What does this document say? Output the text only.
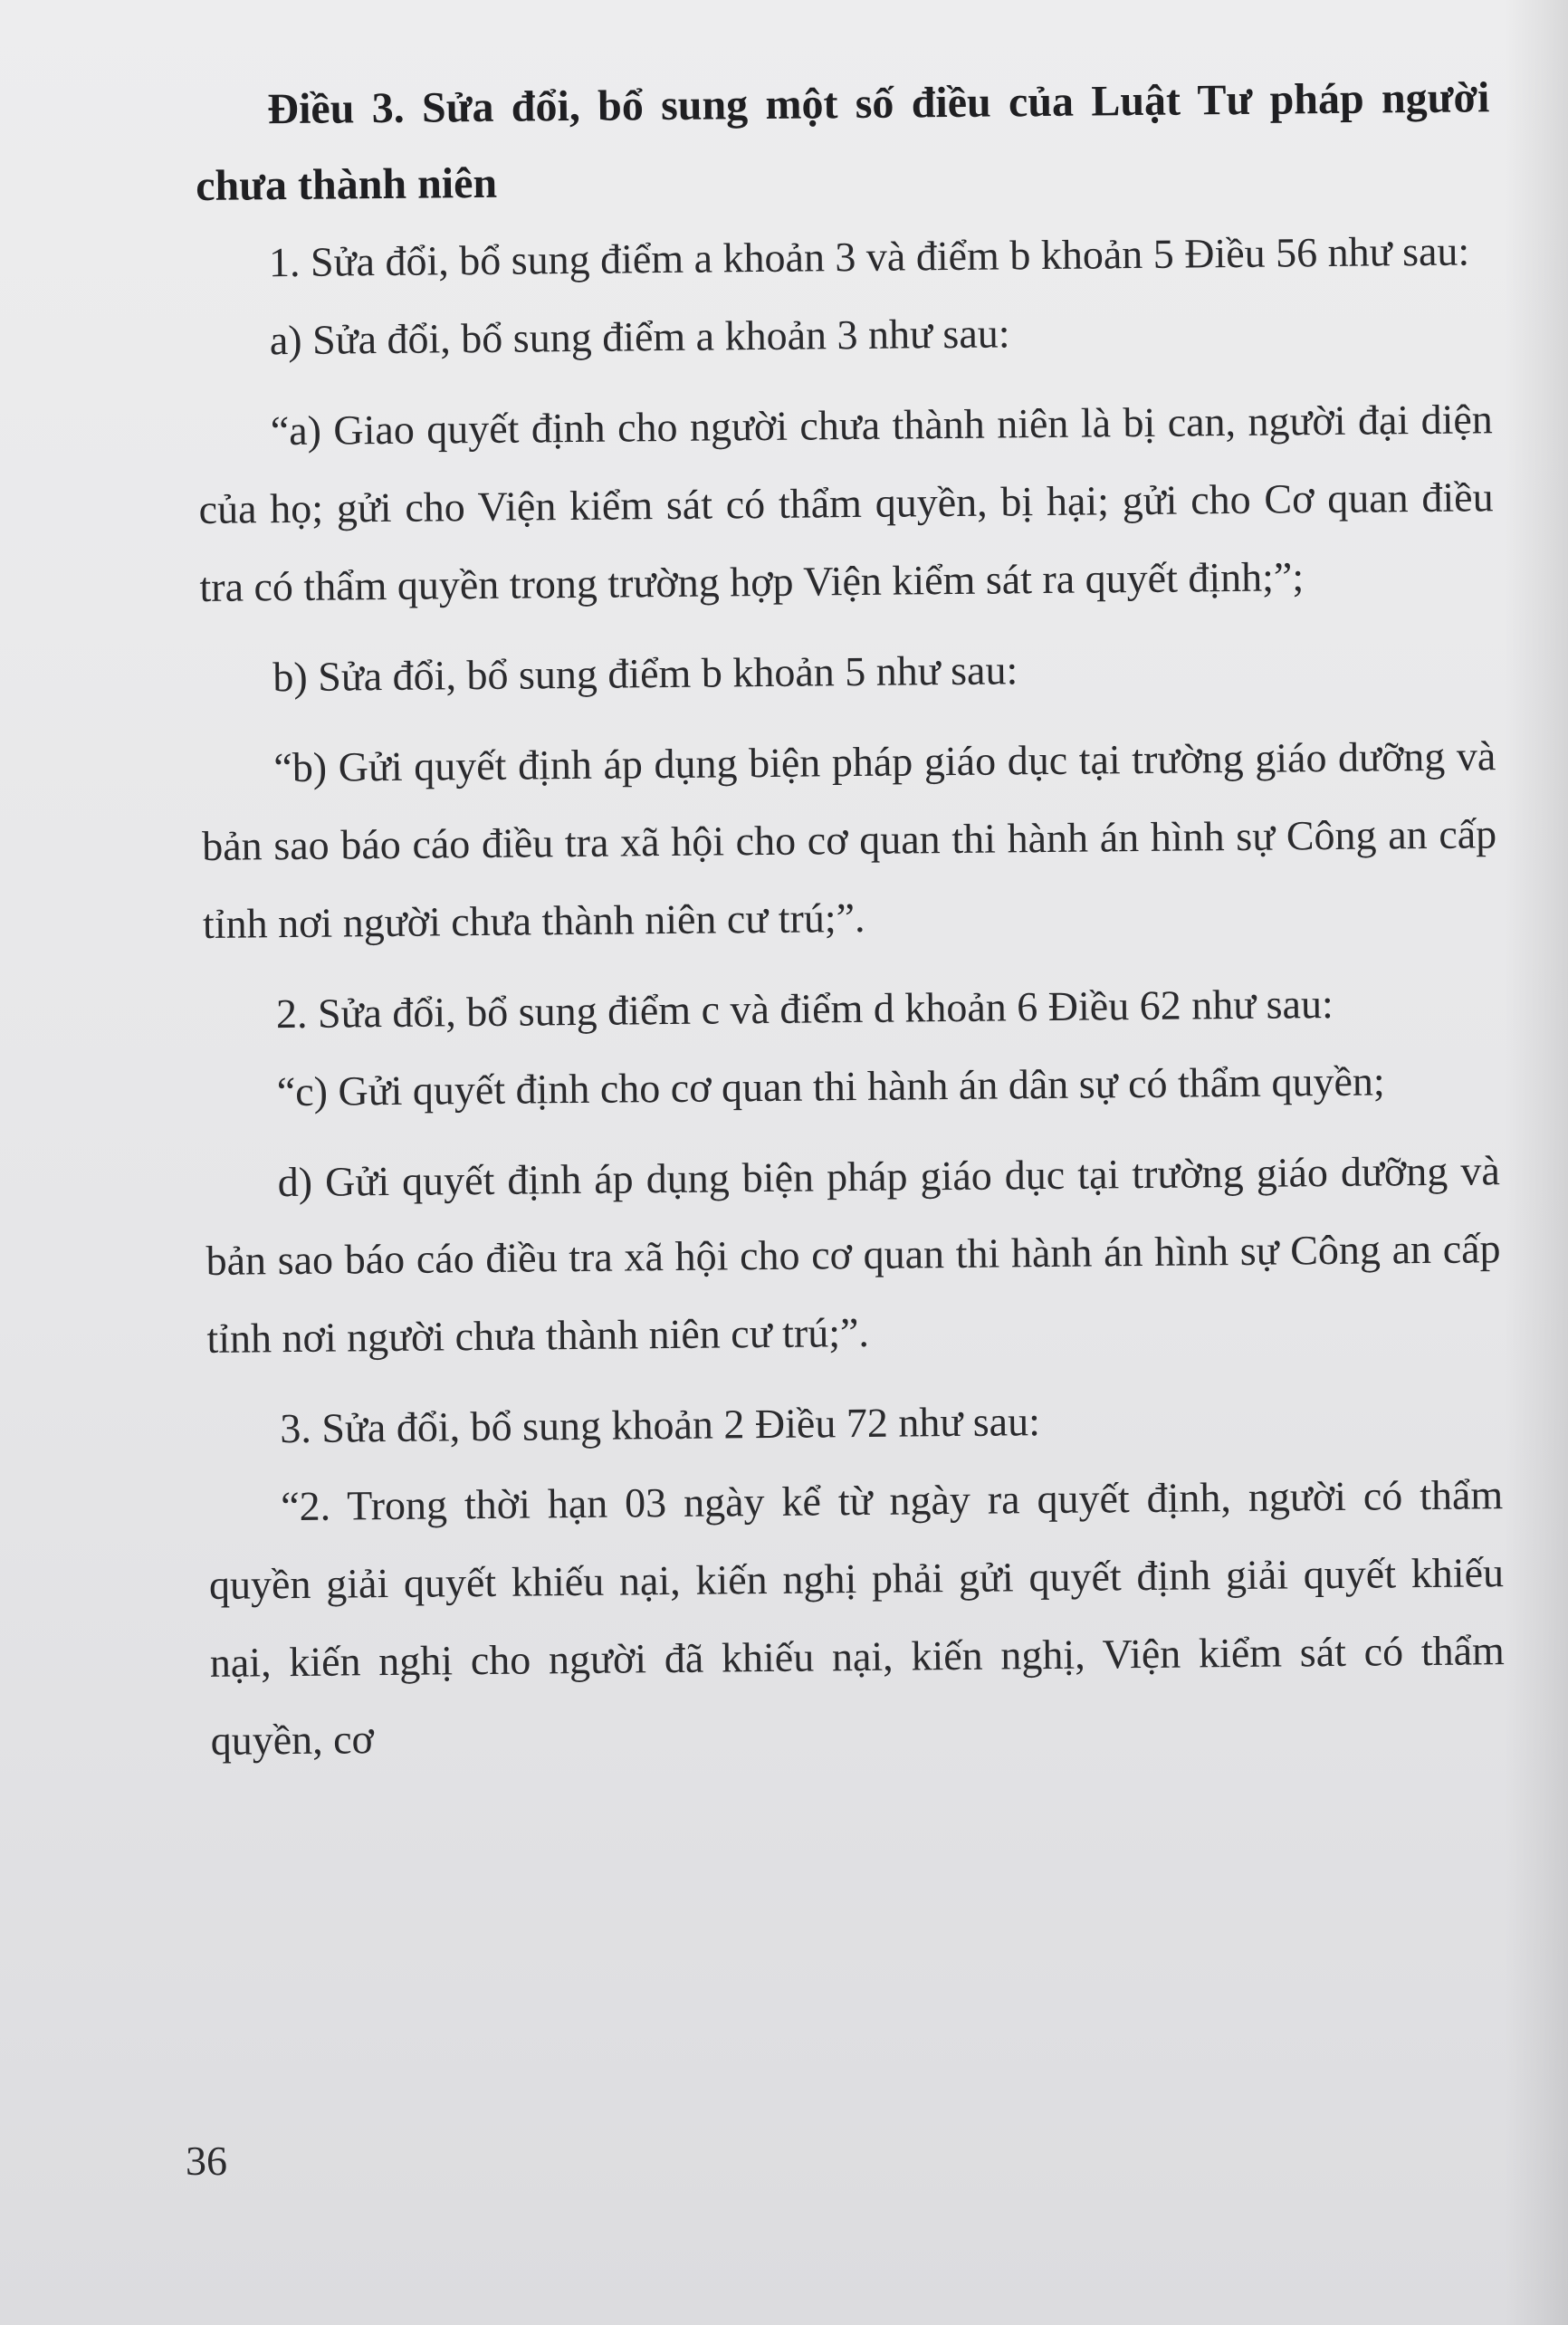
Điều 3. Sửa đổi, bổ sung một số điều của Luật Tư pháp người chưa thành niên

1. Sửa đổi, bổ sung điểm a khoản 3 và điểm b khoản 5 Điều 56 như sau:

a) Sửa đổi, bổ sung điểm a khoản 3 như sau:

“a) Giao quyết định cho người chưa thành niên là bị can, người đại diện của họ; gửi cho Viện kiểm sát có thẩm quyền, bị hại; gửi cho Cơ quan điều tra có thẩm quyền trong trường hợp Viện kiểm sát ra quyết định;”;

b) Sửa đổi, bổ sung điểm b khoản 5 như sau:

“b) Gửi quyết định áp dụng biện pháp giáo dục tại trường giáo dưỡng và bản sao báo cáo điều tra xã hội cho cơ quan thi hành án hình sự Công an cấp tỉnh nơi người chưa thành niên cư trú;”.

2. Sửa đổi, bổ sung điểm c và điểm d khoản 6 Điều 62 như sau:

“c) Gửi quyết định cho cơ quan thi hành án dân sự có thẩm quyền;

d) Gửi quyết định áp dụng biện pháp giáo dục tại trường giáo dưỡng và bản sao báo cáo điều tra xã hội cho cơ quan thi hành án hình sự Công an cấp tỉnh nơi người chưa thành niên cư trú;”.

3. Sửa đổi, bổ sung khoản 2 Điều 72 như sau:

“2. Trong thời hạn 03 ngày kể từ ngày ra quyết định, người có thẩm quyền giải quyết khiếu nại, kiến nghị phải gửi quyết định giải quyết khiếu nại, kiến nghị cho người đã khiếu nại, kiến nghị, Viện kiểm sát có thẩm quyền, cơ

36
